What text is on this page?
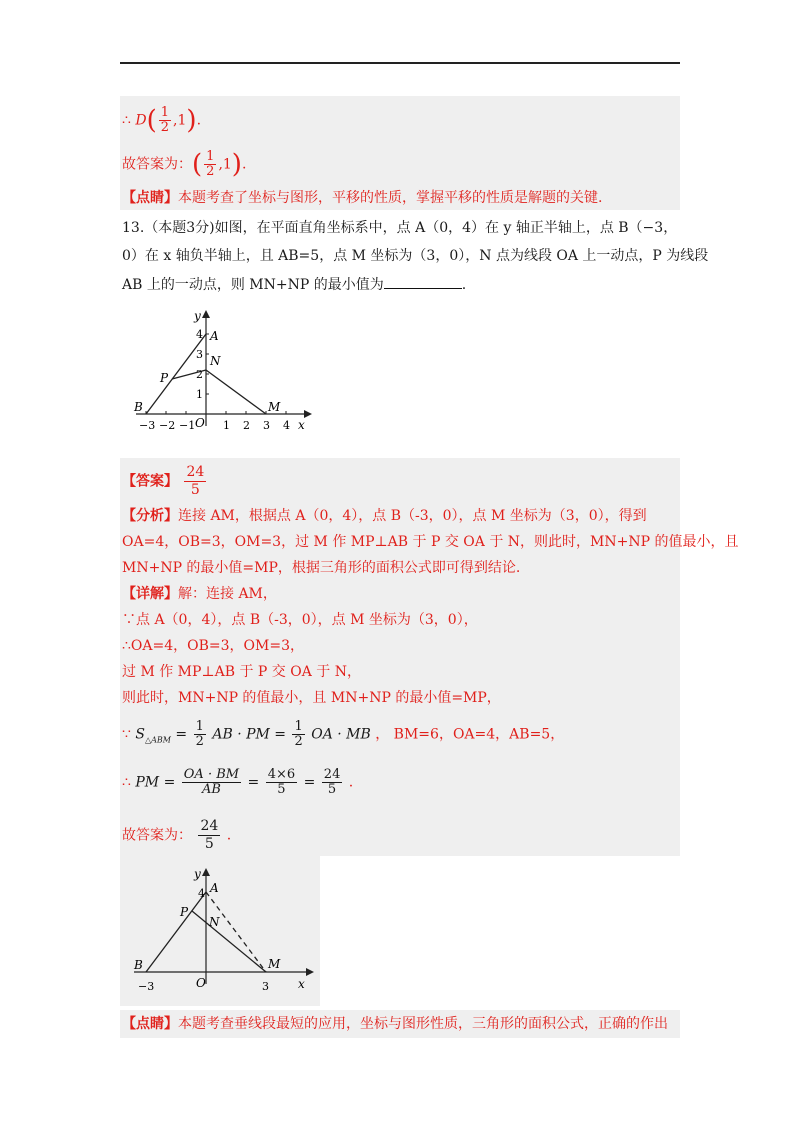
∴ $D( \frac{1}{2} ,1)$.
故答案为：( $\frac{1}{2} ,1$).
【点睛】本题考查了坐标与图形，平移的性质，掌握平移的性质是解题的关键.
13.（本题3分)如图，在平面直角坐标系中，点 A（0，4）在 y 轴正半轴上，点 B（−3，
0）在 x 轴负半轴上，且 AB=5，点 M 坐标为（3，0），N 点为线段 OA 上一动点，P 为线段
AB 上的一动点，则 MN+NP 的最小值为	.
y
x
A
N
P
B	M
O
4
3
2
1
−3 −2 −1	1 2 3 4
【答案】 $\frac{24}{5}$
【分析】连接 AM，根据点 A（0，4），点 B（-3，0），点 M 坐标为（3，0），得到
OA=4，OB=3，OM=3，过 M 作 MP⊥AB 于 P 交 OA 于 N，则此时，MN+NP 的值最小，且
MN+NP 的最小值=MP，根据三角形的面积公式即可得到结论.
【详解】解：连接 AM，
∵点 A（0，4），点 B（-3，0），点 M 坐标为（3，0），
∴OA=4，OB=3，OM=3，
过 M 作 MP⊥AB 于 P 交 OA 于 N，
则此时，MN+NP 的值最小，且 MN+NP 的最小值=MP，
∵ $S_{\triangle ABM} = \frac{1}{2}$ AB · PM = $\frac{1}{2}$ OA · MB ， BM=6，OA=4，AB=5，
∴ PM = $\frac{OA \cdot BM}{AB} = \frac{4\times 6}{5} = \frac{24}{5}$ .
故答案为： $\frac{24}{5}$ .
y
x
A
P
N
B	M
O
4
−3	3
【点睛】本题考查垂线段最短的应用，坐标与图形性质，三角形的面积公式，正确的作出
